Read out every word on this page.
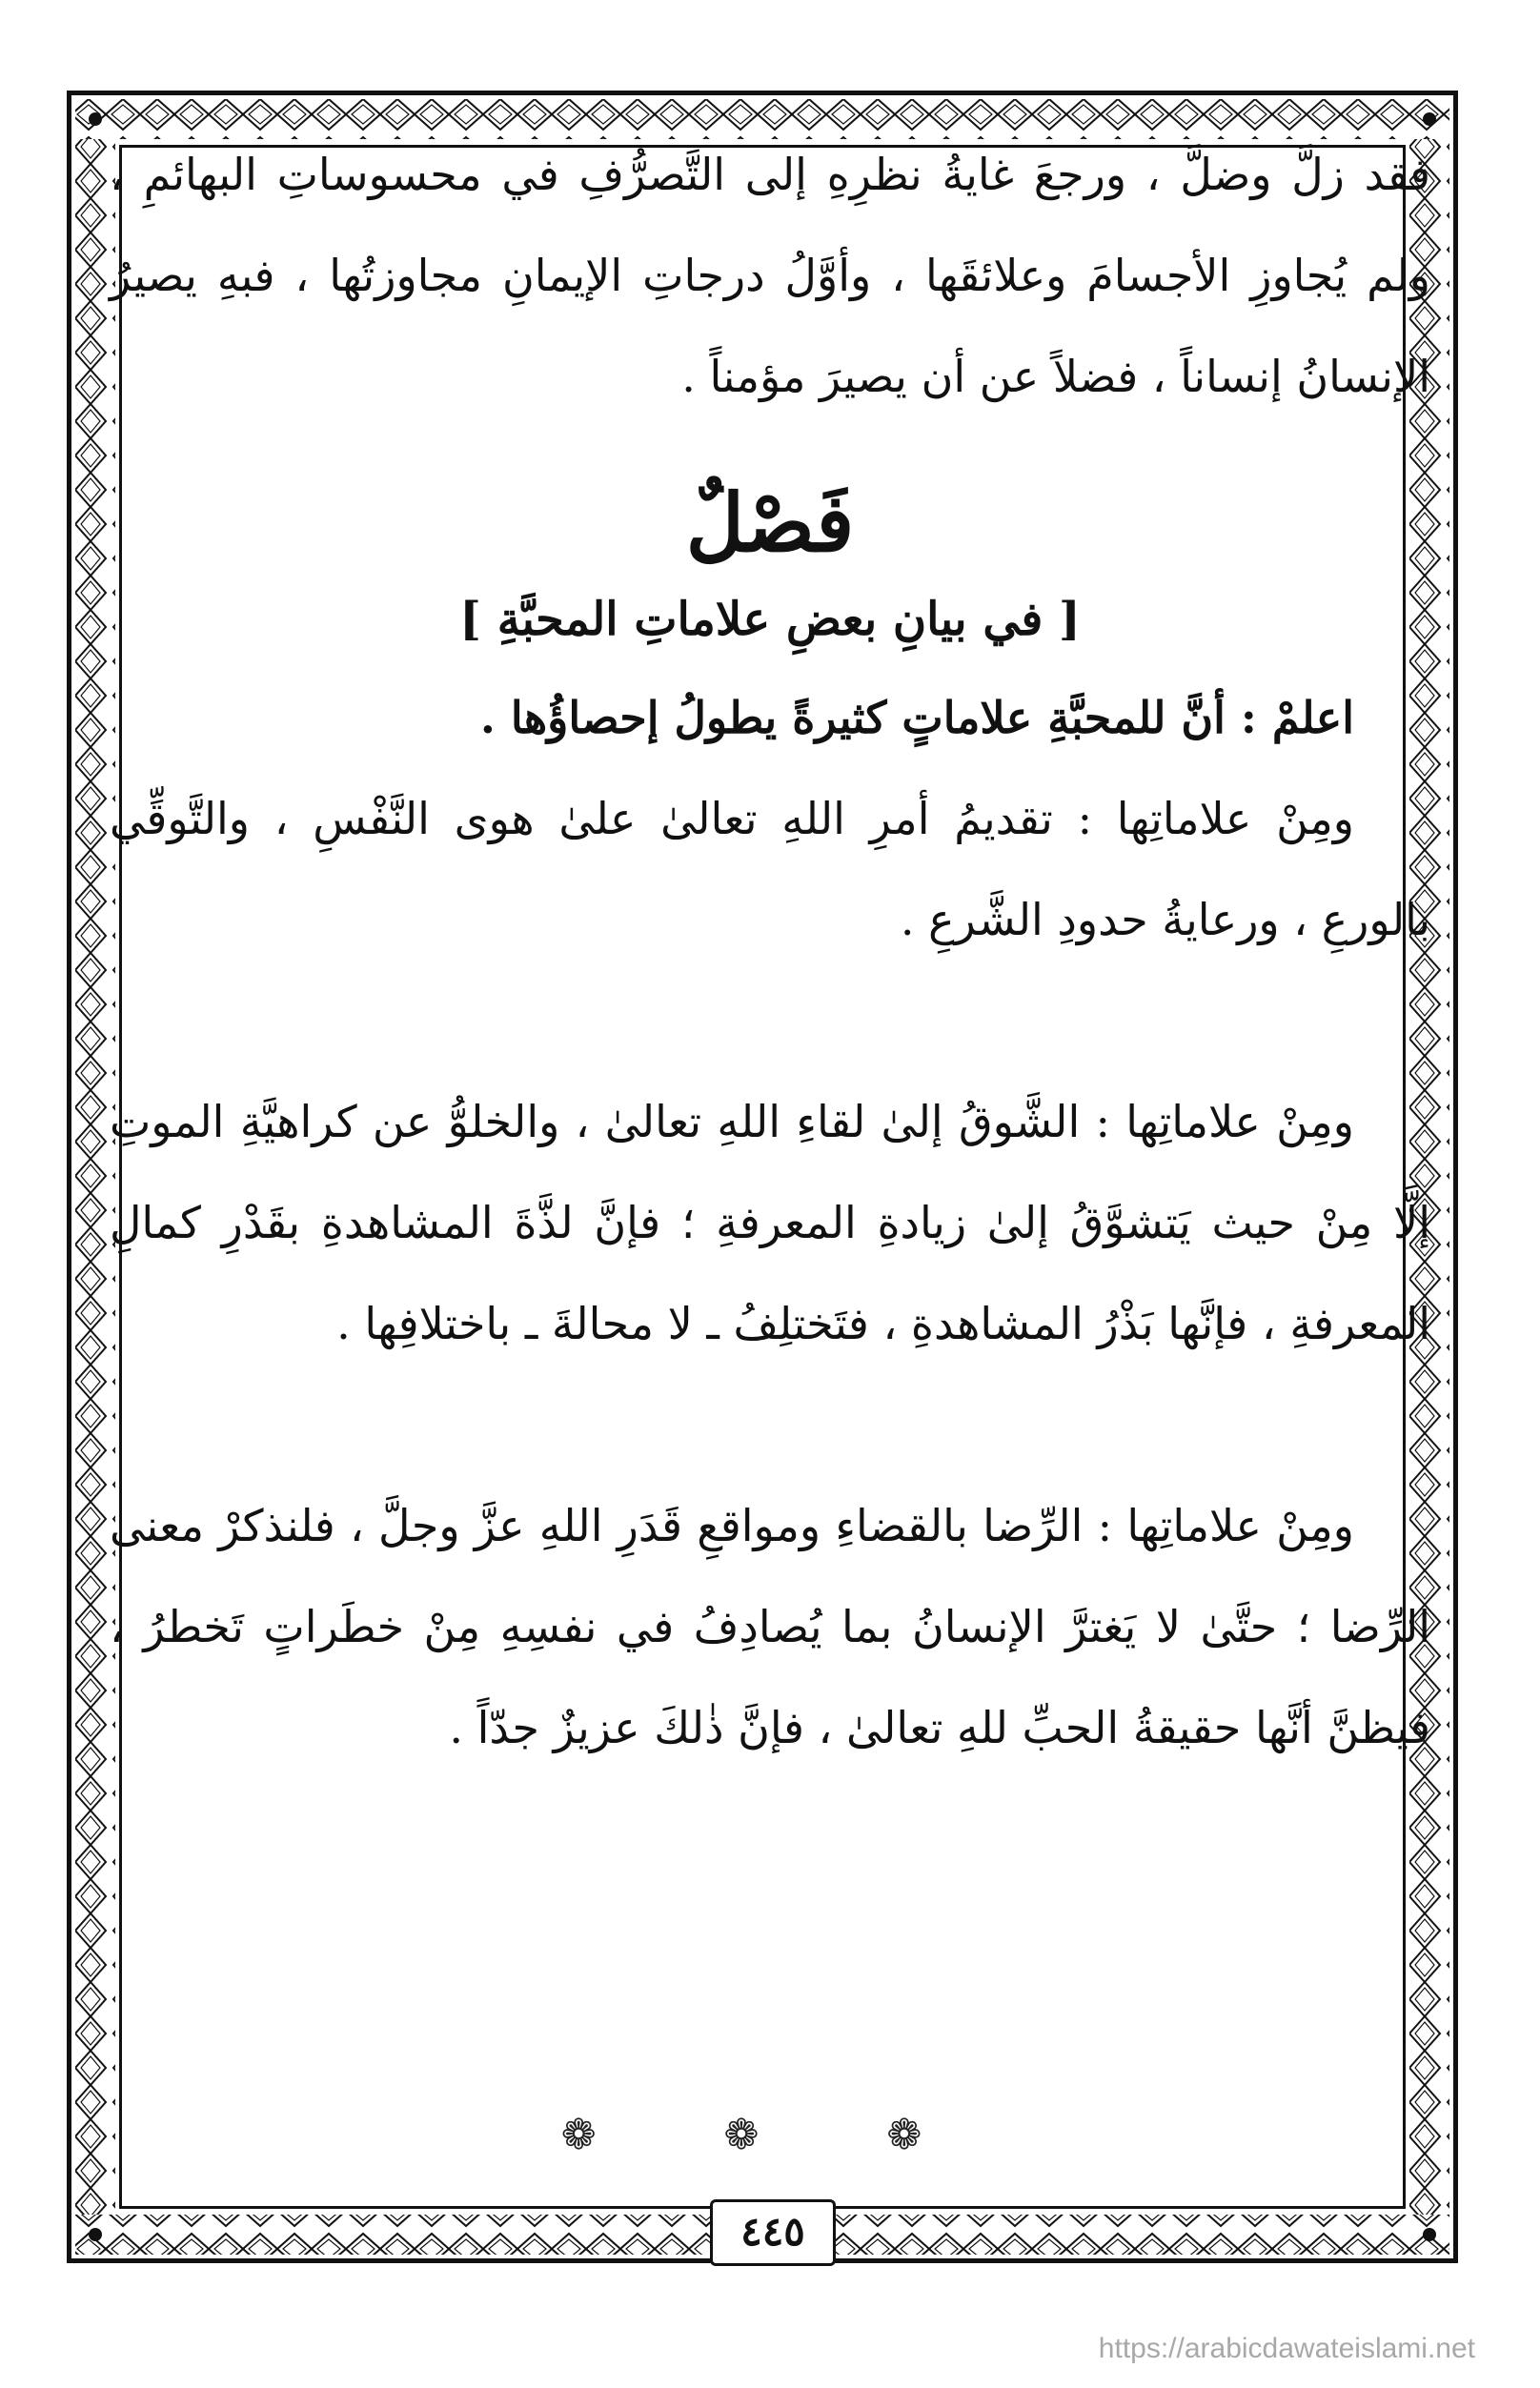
فقد زلَّ وضلَّ ، ورجعَ غايةُ نظرِهِ إلى التَّصرُّفِ في محسوساتِ البهائمِ ، ولم يُجاوزِ الأجسامَ وعلائقَها ، وأوَّلُ درجاتِ الإيمانِ مجاوزتُها ، فبهِ يصيرُ الإنسانُ إنساناً ، فضلاً عن أن يصيرَ مؤمناً .

فَصْلٌ
[ في بيانِ بعضِ علاماتِ المحبَّةِ ]

اعلمْ : أنَّ للمحبَّةِ علاماتٍ كثيرةً يطولُ إحصاؤُها .

ومِنْ علاماتِها : تقديمُ أمرِ اللهِ تعالىٰ علىٰ هوى النَّفْسِ ، والتَّوقِّي بالورعِ ، ورعايةُ حدودِ الشَّرعِ .

ومِنْ علاماتِها : الشَّوقُ إلىٰ لقاءِ اللهِ تعالىٰ ، والخلوُّ عن كراهيَّةِ الموتِ إلَّا مِنْ حيث يَتشوَّقُ إلىٰ زيادةِ المعرفةِ ؛ فإنَّ لذَّةَ المشاهدةِ بقَدْرِ كمالِ المعرفةِ ، فإنَّها بَذْرُ المشاهدةِ ، فتَختلِفُ ـ لا محالةَ ـ باختلافِها .

ومِنْ علاماتِها : الرِّضا بالقضاءِ ومواقعِ قَدَرِ اللهِ عزَّ وجلَّ ، فلنذكرْ معنى الرِّضا ؛ حتَّىٰ لا يَغترَّ الإنسانُ بما يُصادِفُ في نفسِهِ مِنْ خطَراتٍ تَخطرُ ، فيظنَّ أنَّها حقيقةُ الحبِّ للهِ تعالىٰ ، فإنَّ ذٰلكَ عزيزٌ جدّاً .

❁ ❁ ❁
٤٤٥
https://arabicdawateislami.net
